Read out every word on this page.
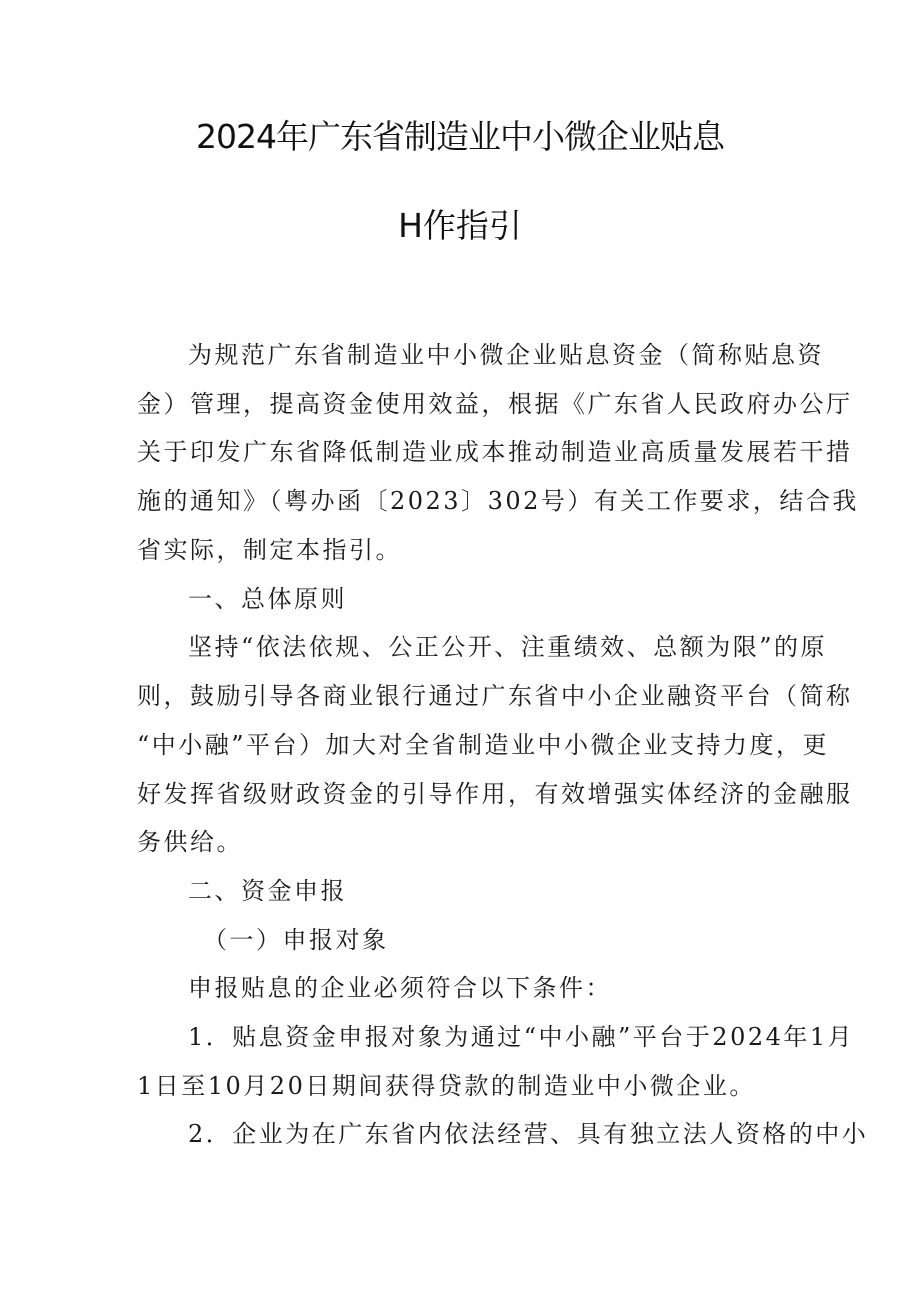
2024年广东省制造业中小微企业贴息
H作指引
为规范广东省制造业中小微企业贴息资金（简称贴息资
金）管理，提高资金使用效益，根据《广东省人民政府办公厅
关于印发广东省降低制造业成本推动制造业高质量发展若干措
施的通知》（粤办函〔2023〕302号）有关工作要求，结合我
省实际，制定本指引。
一、总体原则
坚持“依法依规、公正公开、注重绩效、总额为限”的原
则，鼓励引导各商业银行通过广东省中小企业融资平台（简称
“中小融”平台）加大对全省制造业中小微企业支持力度，更
好发挥省级财政资金的引导作用，有效增强实体经济的金融服
务供给。
二、资金申报
（一）申报对象
申报贴息的企业必须符合以下条件：
1．贴息资金申报对象为通过“中小融”平台于2024年1月
1日至10月20日期间获得贷款的制造业中小微企业。
2．企业为在广东省内依法经营、具有独立法人资格的中小
